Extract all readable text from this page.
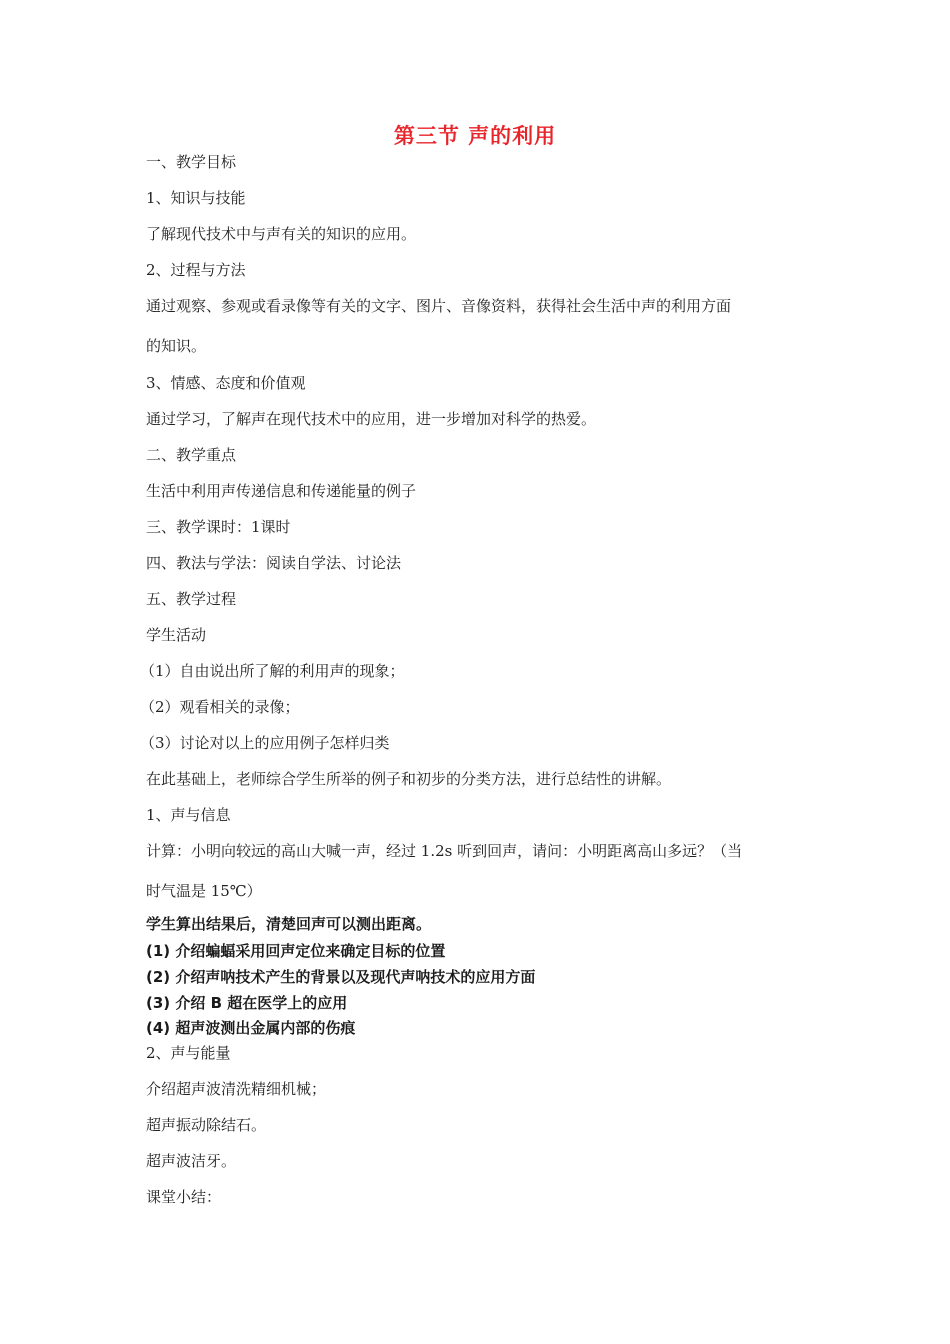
第三节 声的利用
一、教学目标
1、知识与技能
了解现代技术中与声有关的知识的应用。
2、过程与方法
通过观察、参观或看录像等有关的文字、图片、音像资料，获得社会生活中声的利用方面
的知识。
3、情感、态度和价值观
通过学习，了解声在现代技术中的应用，进一步增加对科学的热爱。
二、教学重点
生活中利用声传递信息和传递能量的例子
三、教学课时：1课时
四、教法与学法：阅读自学法、讨论法
五、教学过程
学生活动
（1）自由说出所了解的利用声的现象；
（2）观看相关的录像；
（3）讨论对以上的应用例子怎样归类
在此基础上，老师综合学生所举的例子和初步的分类方法，进行总结性的讲解。
1、声与信息
计算：小明向较远的高山大喊一声，经过 1.2s 听到回声，请问：小明距离高山多远？（当
时气温是 15℃）
学生算出结果后，清楚回声可以测出距离。
(1) 介绍蝙蝠采用回声定位来确定目标的位置
(2) 介绍声呐技术产生的背景以及现代声呐技术的应用方面
(3) 介绍 B 超在医学上的应用
(4) 超声波测出金属内部的伤痕
2、声与能量
介绍超声波清洗精细机械；
超声振动除结石。
超声波洁牙。
课堂小结：
